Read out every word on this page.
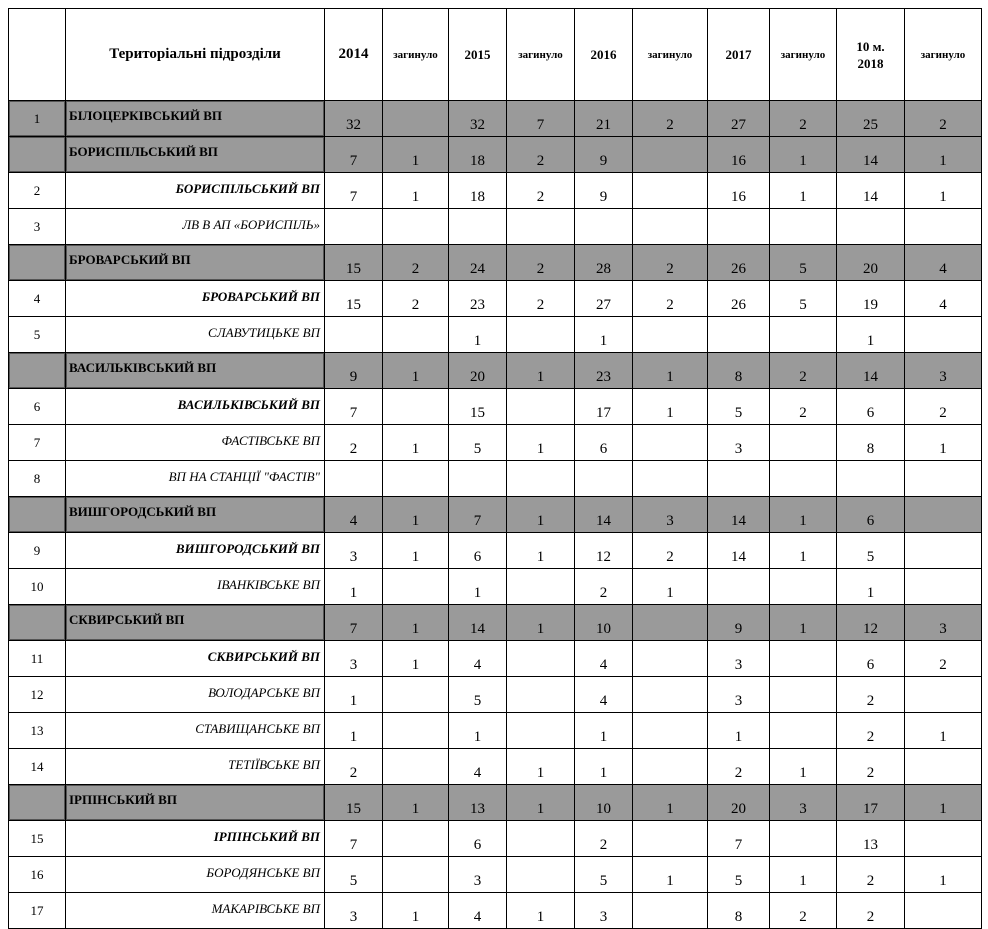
	Територіальні підрозділи	2014	загинуло	2015	загинуло	2016	загинуло	2017	загинуло	10 м. 2018	загинуло
1	БІЛОЦЕРКІВСЬКИЙ ВП	32		32	7	21	2	27	2	25	2
	БОРИСПІЛЬСЬКИЙ ВП	7	1	18	2	9		16	1	14	1
2	БОРИСПІЛЬСЬКИЙ ВП	7	1	18	2	9		16	1	14	1
3	ЛВ В АП «БОРИСПІЛЬ»										
	БРОВАРСЬКИЙ ВП	15	2	24	2	28	2	26	5	20	4
4	БРОВАРСЬКИЙ ВП	15	2	23	2	27	2	26	5	19	4
5	СЛАВУТИЦЬКЕ ВП			1		1				1	
	ВАСИЛЬКІВСЬКИЙ ВП	9	1	20	1	23	1	8	2	14	3
6	ВАСИЛЬКІВСЬКИЙ ВП	7		15		17	1	5	2	6	2
7	ФАСТІВСЬКЕ ВП	2	1	5	1	6		3		8	1
8	ВП НА СТАНЦІЇ "ФАСТІВ"										
	ВИШГОРОДСЬКИЙ ВП	4	1	7	1	14	3	14	1	6	
9	ВИШГОРОДСЬКИЙ ВП	3	1	6	1	12	2	14	1	5	
10	ІВАНКІВСЬКЕ ВП	1		1		2	1			1	
	СКВИРСЬКИЙ ВП	7	1	14	1	10		9	1	12	3
11	СКВИРСЬКИЙ ВП	3	1	4		4		3		6	2
12	ВОЛОДАРСЬКЕ ВП	1		5		4		3		2	
13	СТАВИЩАНСЬКЕ ВП	1		1		1		1		2	1
14	ТЕТІЇВСЬКЕ ВП	2		4	1	1		2	1	2	
	ІРПІНСЬКИЙ ВП	15	1	13	1	10	1	20	3	17	1
15	ІРПІНСЬКИЙ ВП	7		6		2		7		13	
16	БОРОДЯНСЬКЕ ВП	5		3		5	1	5	1	2	1
17	МАКАРІВСЬКЕ ВП	3	1	4	1	3		8	2	2	
